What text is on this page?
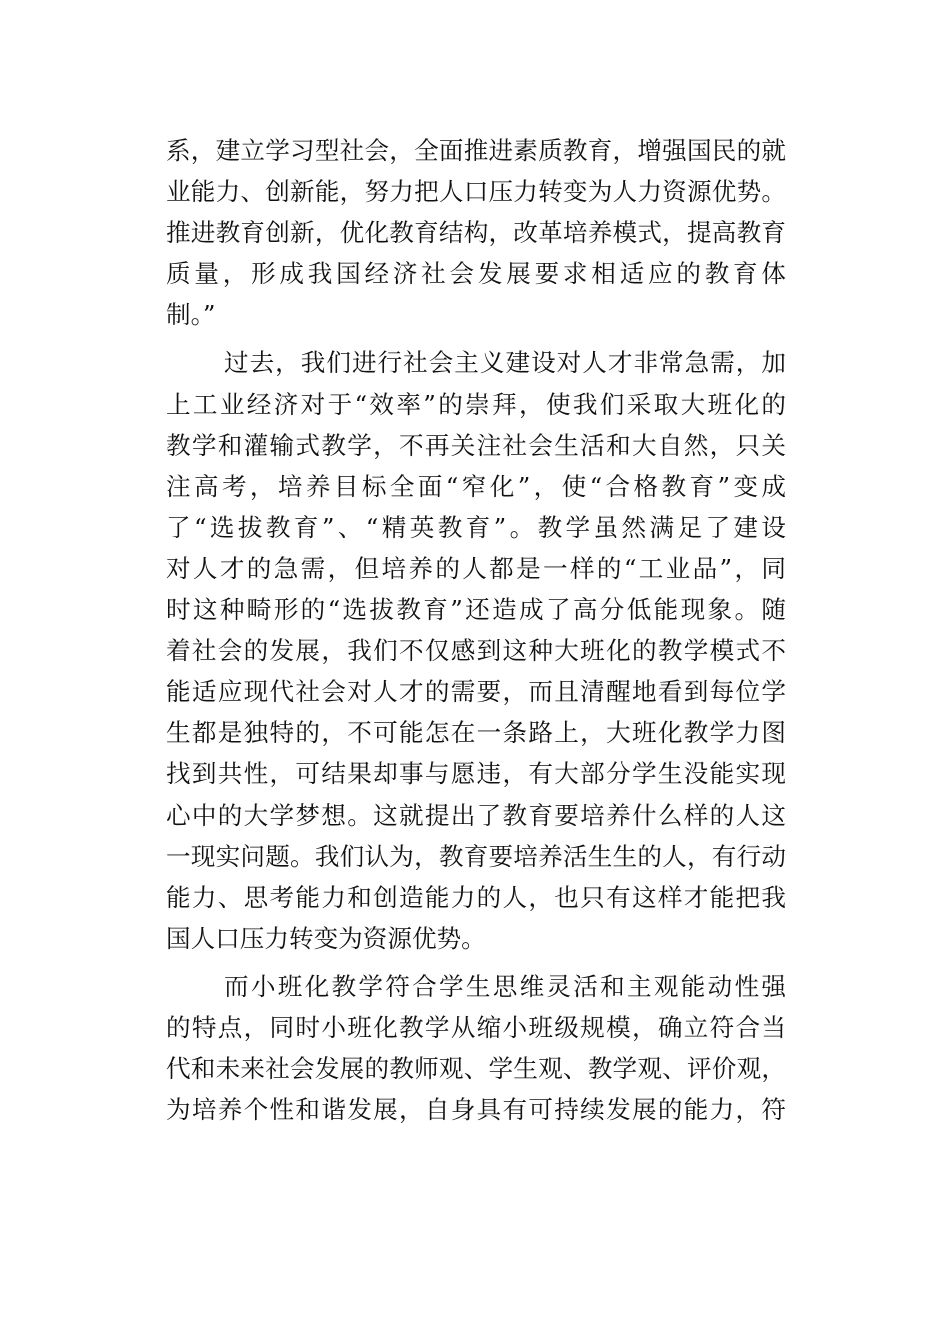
系，建立学习型社会，全面推进素质教育，增强国民的就
业能力、创新能，努力把人口压力转变为人力资源优势。
推进教育创新，优化教育结构，改革培养模式，提高教育
质量，形成我国经济社会发展要求相适应的教育体
制。”
过去，我们进行社会主义建设对人才非常急需，加
上工业经济对于“效率”的崇拜，使我们采取大班化的
教学和灌输式教学，不再关注社会生活和大自然，只关
注高考，培养目标全面“窄化”，使“合格教育”变成
了“选拔教育”、“精英教育”。教学虽然满足了建设
对人才的急需，但培养的人都是一样的“工业品”，同
时这种畸形的“选拔教育”还造成了高分低能现象。随
着社会的发展，我们不仅感到这种大班化的教学模式不
能适应现代社会对人才的需要，而且清醒地看到每位学
生都是独特的，不可能怎在一条路上，大班化教学力图
找到共性，可结果却事与愿违，有大部分学生没能实现
心中的大学梦想。这就提出了教育要培养什么样的人这
一现实问题。我们认为，教育要培养活生生的人，有行动
能力、思考能力和创造能力的人，也只有这样才能把我
国人口压力转变为资源优势。
而小班化教学符合学生思维灵活和主观能动性强
的特点，同时小班化教学从缩小班级规模，确立符合当
代和未来社会发展的教师观、学生观、教学观、评价观，
为培养个性和谐发展，自身具有可持续发展的能力，符
